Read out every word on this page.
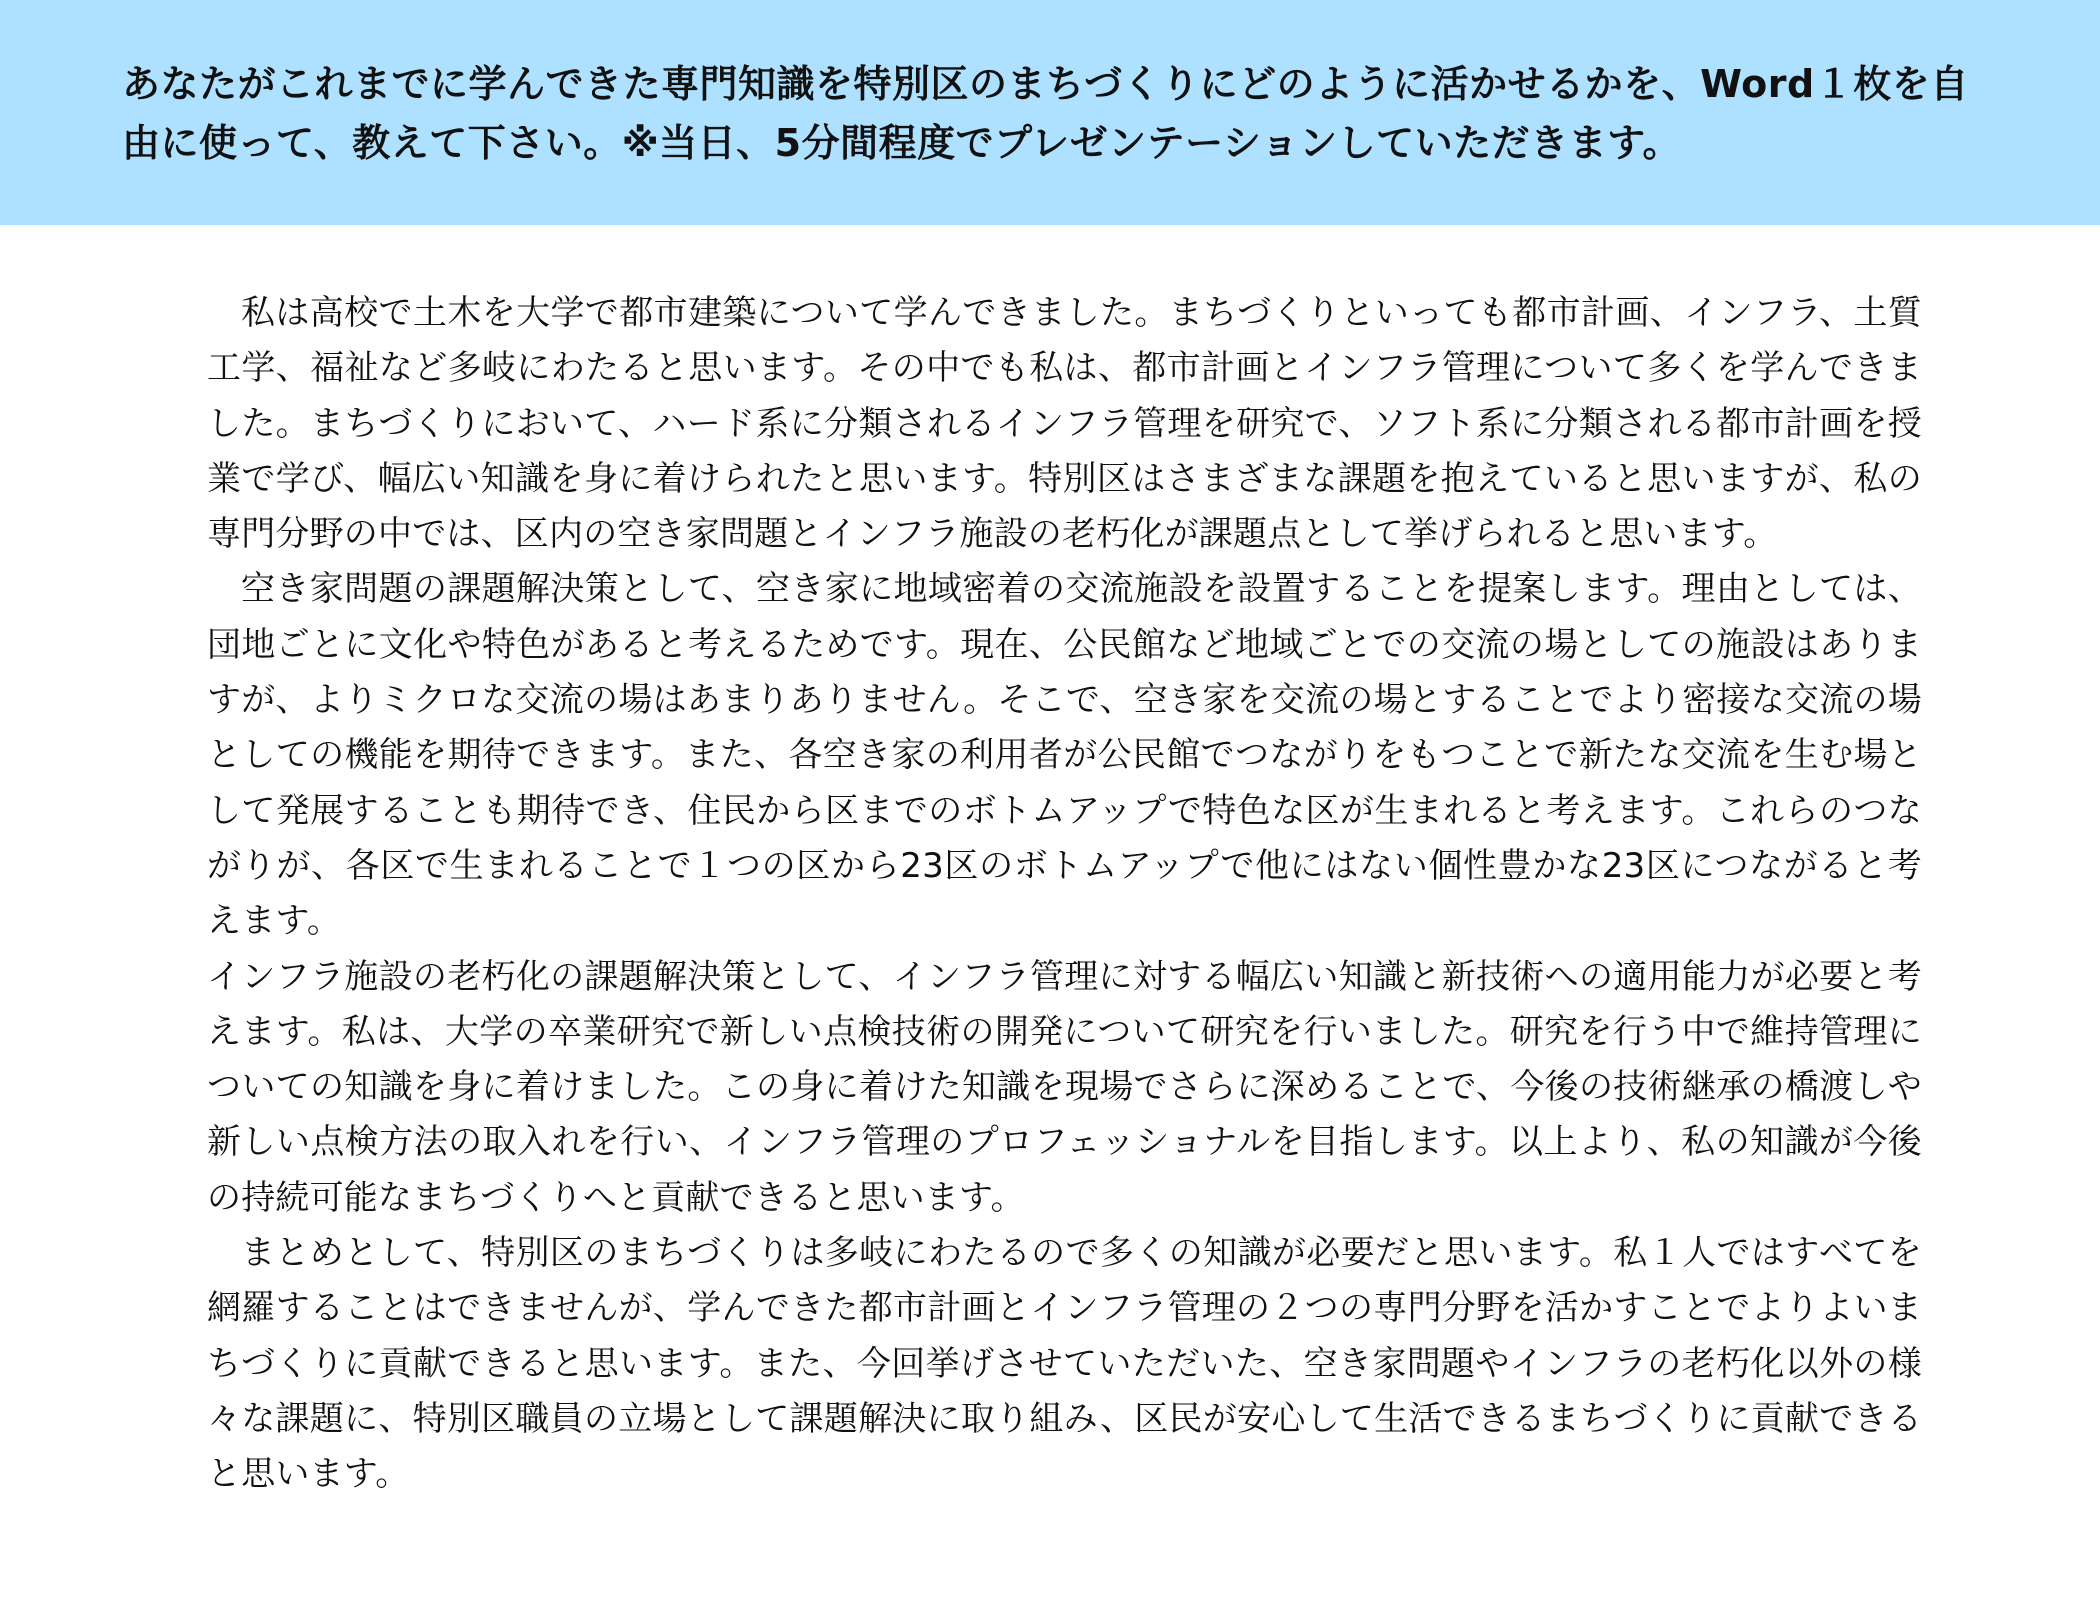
あなたがこれまでに学んできた専門知識を特別区のまちづくりにどのように活かせるかを、Word１枚を自由に使って、教えて下さい。※当日、5分間程度でプレゼンテーションしていただきます。

私は高校で土木を大学で都市建築について学んできました。まちづくりといっても都市計画、インフラ、土質工学、福祉など多岐にわたると思います。その中でも私は、都市計画とインフラ管理について多くを学んできました。まちづくりにおいて、ハード系に分類されるインフラ管理を研究で、ソフト系に分類される都市計画を授業で学び、幅広い知識を身に着けられたと思います。特別区はさまざまな課題を抱えていると思いますが、私の専門分野の中では、区内の空き家問題とインフラ施設の老朽化が課題点として挙げられると思います。

空き家問題の課題解決策として、空き家に地域密着の交流施設を設置することを提案します。理由としては、団地ごとに文化や特色があると考えるためです。現在、公民館など地域ごとでの交流の場としての施設はありますが、よりミクロな交流の場はあまりありません。そこで、空き家を交流の場とすることでより密接な交流の場としての機能を期待できます。また、各空き家の利用者が公民館でつながりをもつことで新たな交流を生む場として発展することも期待でき、住民から区までのボトムアップで特色な区が生まれると考えます。これらのつながりが、各区で生まれることで１つの区から23区のボトムアップで他にはない個性豊かな23区につながると考えます。

インフラ施設の老朽化の課題解決策として、インフラ管理に対する幅広い知識と新技術への適用能力が必要と考えます。私は、大学の卒業研究で新しい点検技術の開発について研究を行いました。研究を行う中で維持管理についての知識を身に着けました。この身に着けた知識を現場でさらに深めることで、今後の技術継承の橋渡しや新しい点検方法の取入れを行い、インフラ管理のプロフェッショナルを目指します。以上より、私の知識が今後の持続可能なまちづくりへと貢献できると思います。

まとめとして、特別区のまちづくりは多岐にわたるので多くの知識が必要だと思います。私１人ではすべてを網羅することはできませんが、学んできた都市計画とインフラ管理の２つの専門分野を活かすことでよりよいまちづくりに貢献できると思います。また、今回挙げさせていただいた、空き家問題やインフラの老朽化以外の様々な課題に、特別区職員の立場として課題解決に取り組み、区民が安心して生活できるまちづくりに貢献できると思います。
